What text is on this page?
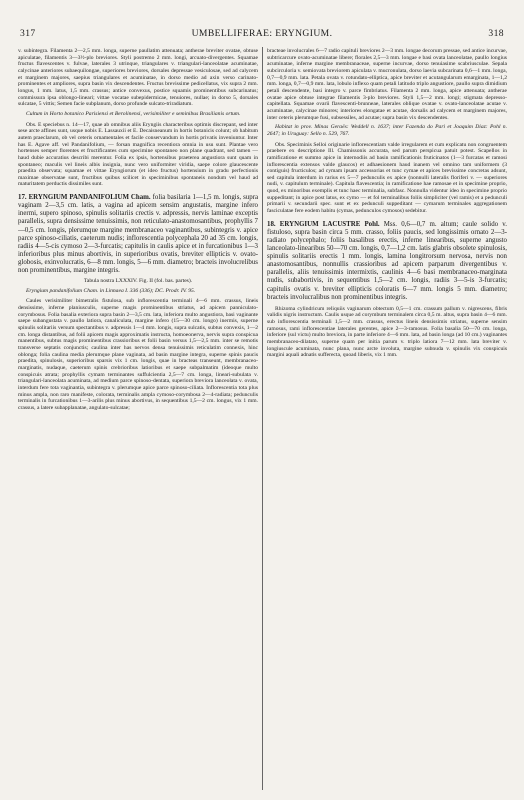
317	UMBELLIFERAE: ERYNGIUM.	318

v. subintegra. Filamenta 2—2,5 mm. longa, superne paullatim attenuata; antherae breviter ovatae, obtuse apiculatae, filamentis 3—3½-plo breviores. Styli postremo 2 mm. longi, arcuato-divergentes. Squamae fructus flavescentes v. fulvae, laterales 3 utrinque, triangulares v. triangulari-lanceolatae acuminatae, calycinae anteriores subaequilongae, superiores breviores, dorsales depressae vesiculosae, sed ad calycem et marginem majores, saepius triangulares et acuminatae, in dorso medio ad axin verso carinato-prominentes et ampliores, supra basin vix descendentes. Fructus brevissime pedicellatus, vix supra 2 mm. longus, 1 mm. latus, 1,5 mm. crassus; antice convexus, postice squamis prominentibus subcarinatus; commissura ipsa oblongo-lineari; vittae vocatae subepidermicae, tenuiores, nullae; in dorso 5, dorsales sulcatae, 5 vittis; Semen facie subplanum, dorso profunde sulcato-triradiatum.

Cultum in Horto botanico Parisiensi et Berolinensi, verisimiliter e seminibus Brasilianis ortum.

Obs. E speciebus n. 14—17, quae ab omnibus aliis Eryngiis characteribus optimis discrepant, sed inter sese arcte affines sunt, usque nobis E. Lassauxii et E. Decaisneanum in hortis botanicis colunt; ob habitum autem praeclarum, ob vel ceteris ornamentales et facile conservandum in hortis privatis inveniuntur. Inter has E. Agave aff. vel Pandanifolium, — forsan magnifica recentiora omnia in usu sunt. Plantae vero hortenses semper florentes et fructificantes cum specimine spontaneo non plane quadrant, sed tamen — haud dubie accuratius describi merentur. Folia ex ipsis, hortensibus praeterea angustiora sunt quam in spontaneo; maculis vel lineis albis insignia, nunc vero uniformiter viridia, saepe colore glaucescente praedita observata; squamae et vittae Eryngiorum (et ideo fructus) hortensium in gradu perfectionis maximae observatae sunt, fructibus quibus scilicet in speciminibus spontaneis nondum vel haud ad maturitatem perductis dissimiles sunt.

17. ERYNGIUM PANDANIFOLIUM Cham. folia basilaria 1—1,5 m. longis, supra vaginam 2—3,5 cm. latis, a vagina ad apicem sensim angustatis, margine infero inermi, supero spinoso, spinulis solitariis crectis v. adpressis, nervis laminae exceptis parallelis, supra densissime tenuissimis, non reticulato-anastomosantibus, prophyllis 7—0,5 cm. longis, plerumque margine membranaceo vaginantibus, subintegris v. apice parce spinoso-ciliatis, caeterum nudis; inflorescentia polycephala 20 ad 35 cm. longis, radiis 4—5-cis cymoso 2—3-furcatis; capitulis in caulis apice et in furcationibus 1—3 inferioribus plus minus abortivis, in superioribus ovatis, breviter ellipticis v. ovato-globosis, exinvolucratis, 6—8 mm. longis, 5—6 mm. diametro; bracteis involucrelibus non prominentibus, margine integris.

Tabula nostra LXXXIV. Fig. II (fol. bas. partes).

Eryngium pandanifolium Cham. in Linnaea I. 336 (336); DC. Prodr. IV. 95.

Caules verisimiliter bimetralis fistulosa, sub inflorescentia terminali 4—6 mm. crassus, lineis densissime, inferne planiusculis, superne magis prominentibus striatus, ad apicem panniculato-corymbosus. Folia basalia exteriora supra basin 2—3,5 cm. lata, inferiora multo angustiora, basi vaginante saepe subangustata v. paullo latiora, canaliculata, margine infero (15—30 cm. longo) inermis, superne spinulis solitariis versum spectantibus v. adpressis 1—4 mm. longis, supra sulcatis, subtus convexis, 1—2 cm. longa distantibus, ad folii apicem magis approximatis instructa, homoeonerva, nervis supra conspicua manentibus, subtus magis prominentibus crassioribus et folii basin versus 1,5—2,5 mm. inter se remotis transverse septatis conjunctis; caulina inter has nervos densa tenuissimis reticulatim connexis, hinc oblonga; folia caulina media plerumque plane vaginata, ad basin margine integra, superne spinis paucis praedita, spinulosis, superioribus sparsis vix 1 cm. longis, quae in bracteas transeunt, membranaceo-marginatis, nudaque, caeterum spinis crebrioribus latioribus et saepe subpalmatim (ideoque multo conspicuis atrata; prophyllis cymam terminantes suffulcientia 2,5—7 cm. longa, lineari-subulata v. triangulari-lanceolata acuminata, ad medium parce spinoso-dentata, superiora breviora lanceolata v. ovata, interdum fere tota vaginantia, subintegra v. plerumque apice parce spinoso-ciliata. Inflorescentia tota plus minus ampla, non raro manifeste, colorata, terminalis ampla cymoso-corymbosa 2—4-radiata; pedunculis terminalis in furcationibus 1—3-arilis plus minus abortivus, in sequentibus 1,5—2 cm. longus, vix 1 mm. crassus, a latere subapplanatae, angulato-sulcatae;

bracteae involucrales 6—7 radio capituli breviores 2—3 mm. longae decorum pressae, sed antice incurvae, subtricarcure ovato-acuminatae libere; florales 2,5—3 mm. longae e basi ovata lanceolatae, paullo longius acuminatae, inferne margine membranaceae, superne incurvae, dorso tenuiasime scabriusculae. Sepala subcirculoria v. semiovata breviorem apiculata v. mucronulata, dorso laevia subcarinata 0,6—1 mm. longa, 0,7—0,9 mm. lata. Petala ovata v. rotundato-elliptica, apice breviter et acutangularum emarginata, 1—1,2 mm. longa, 0,7—0,9 mm. lata, lobulo inflexo quam petali latitudo triplo angustiore, paullo supra dimidium petali descendente, basi integro v. parce fimbriatus. Filamenta 2 mm. longa, apice attenuata; antherae ovatae apice obtuse integrae filamentis 3-plo breviores. Styli 1,5—2 mm. longi; stigmata depresso-capitellata. Squamae ovarii flavescenti-brunneae, laterales oblique ovatae v. ovato-lanceolatae acutae v. acuminatae, calycinae minores; interiores elongatae et acutae, dorsalis ad calycem et marginem majores, inter ceteris plerumque fusi, subsessiles, ad acutae; supra basin vix descendentes.

Habitat in prov. Minas Geraës: Weddell n. 1637; inter Fazenda do Pari et Joaquim Diaz: Pohl n. 2647; in Uruguay: Sello n. 529, 767.

Obs. Speciminis Selloi originarie inflorescentiam valde irregularem et cum explicatu non congruentem praebere ex descriptione Ill. Chamissonis accurata, sed parum perspicua patuit potest. Scapellos in ramificatione et summo apice in internodiis ad basin ramificationis fruticinatos (1—3 furcatas et ramosi inflorescentia extensos valde glaucos) et adhaesionem haud inanem vel omnino tam uniformem (3 contiguis) fructiculos; ad cymam ipsam accessorias et tunc cymae et apices brevissime concretas adsunt, sed capitula interdum in rarius ex 5—7 pedunculis ex apice (nonnulli lateralis floriferi v. — superiores nudi, v. capitulum terminale). Capitula flavescentia; in ramificatione hae ramosae et in specimine proprio, quod, ex minoribus exemplis et tunc haec terminalia, subfasc. Nonnulla videntur ideo in specimine proprio suppeditant; in apice post latus, ex cymo — et fol terminalibus foliis simpliciter (vel ramis) et a pedunculi primarii v. secundarii spec. sunt et ex pedunculi suppeditant — cymarum terminales aggregationem fasciculatae fere eodem habitu (cymas, pedunculos cymosos) sedebitur.

18. ERYNGIUM LACUSTRE Pohl. Mss. 0,6—0,7 m. altum; caule solido v. fistuloso, supra basin circa 5 mm. crasso, foliis paucis, sed longissimis ornato 2—3-radiato polycephalo; foliis basalibus erectis, inferne linearibus, superne angusto lanceolato-linearibus 50—70 cm. longis, 0,7—1,2 cm. latis glabris obsolete spinulosis, spinulis solitariis erectis 1 mm. longis, lamina longitrorsum nervosa, nervis non anastomosantibus, nonnullis crassioribus ad apicem parparum divergentibus v. parallelis, aliis tenuissimis intermixtis, caulinis 4—6 basi membranaceo-marginata nudis, subabortivis, in sequentibus 1,5—2 cm. longis, radiis 3—5-is 3-furcatis; capitulis ovatis v. breviter ellipticis coloratis 6—7 mm. longis 5 mm. diametro; bracteis involucralibus non prominentibus integris.

Rhizoma cylindricum reliquiis vaginarum obtectum 0,5—1 cm. crassum pallum v. nigrescens, fibris validis nigris instructum. Caulis usque ad corymbum terminalem circa 0,5 m. altus, supra basin 4—6 mm. sub inflorescentia terminali 1,5—2 mm. crassus, erectus lineis densissimis striatus, superne sensim ramosus, rami inflorescentiae laterales gerentes, apice 2—3-ramosus. Folia basalia 50—70 cm. longa, inferiore (sul victu) multo breviora, in parte inferiore 4—6 mm. lata, ad basin longa (ad 10 cm.) vaginantes membranaceo-dilatato, superne quam per initia parum v. triplo latiora 7—12 mm. lata breviter v. longiuscule acuminata, nunc plana, nunc arcte involuta, margine subnuda v. spinulis vix conspicuis margini aquali adnatis sufferecta, quoad liberis, vix 1 mm.
